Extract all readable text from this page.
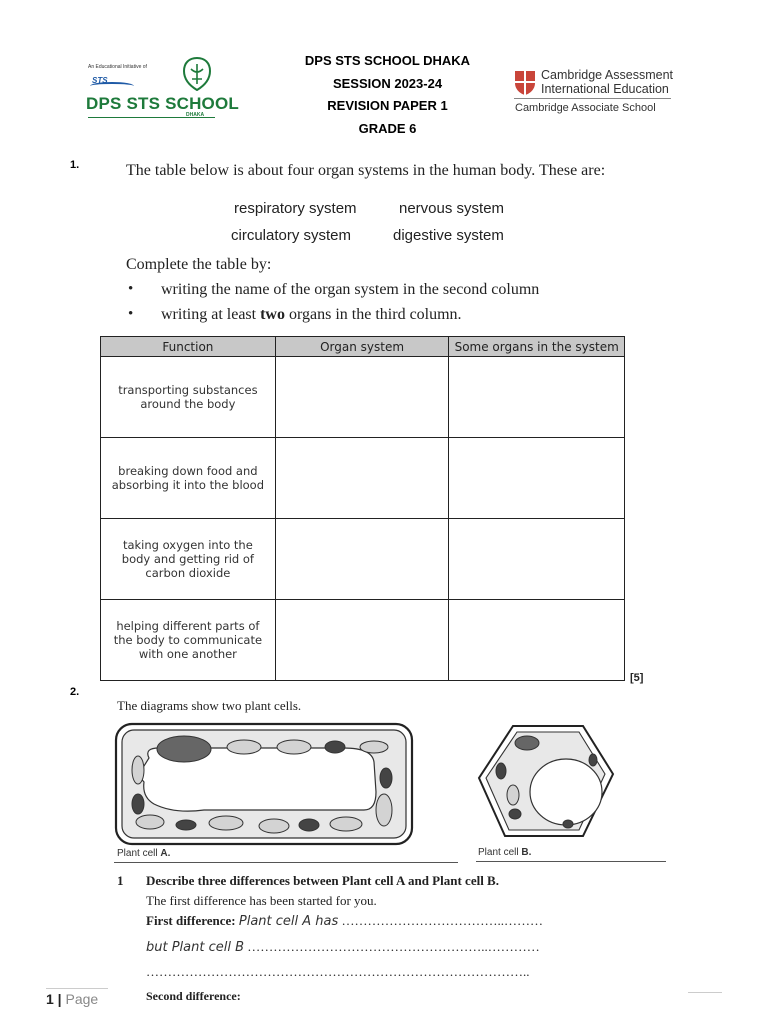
DPS STS SCHOOL DHAKA
SESSION 2023-24
REVISION PAPER 1
GRADE 6
An Educational Initiative of
STS
DPS STS SCHOOL
DHAKA
Cambridge Assessment
International Education
Cambridge Associate School
1.	The table below is about four organ systems in the human body. These are:
respiratory system	nervous system
circulatory system	digestive system
Complete the table by:
• writing the name of the organ system in the second column
• writing at least two organs in the third column.
Function	Organ system	Some organs in the system
transporting substances around the body		
breaking down food and absorbing it into the blood		
taking oxygen into the body and getting rid of carbon dioxide		
helping different parts of the body to communicate with one another		
[5]
2.
The diagrams show two plant cells.
Plant cell A.	Plant cell B.
1 Describe three differences between Plant cell A and Plant cell B.
The first difference has been started for you.
First difference: Plant cell A has ………………………………..………
but Plant cell B ………………………………………………..…………
……………………………………………………………………………..
Second difference:
1 | Page
